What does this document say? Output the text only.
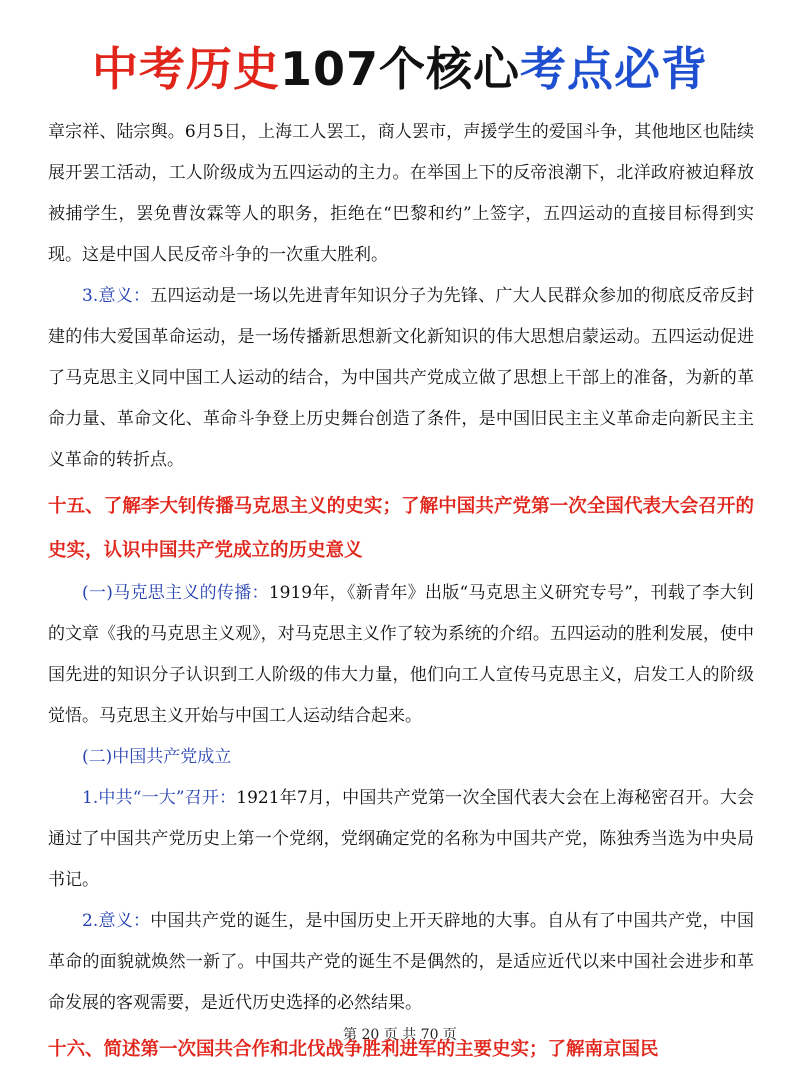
中考历史107个核心考点必背

章宗祥、陆宗舆。6月5日，上海工人罢工，商人罢市，声援学生的爱国斗争，其他地区也陆续展开罢工活动，工人阶级成为五四运动的主力。在举国上下的反帝浪潮下，北洋政府被迫释放被捕学生，罢免曹汝霖等人的职务，拒绝在“巴黎和约”上签字，五四运动的直接目标得到实现。这是中国人民反帝斗争的一次重大胜利。

3.意义：五四运动是一场以先进青年知识分子为先锋、广大人民群众参加的彻底反帝反封建的伟大爱国革命运动，是一场传播新思想新文化新知识的伟大思想启蒙运动。五四运动促进了马克思主义同中国工人运动的结合，为中国共产党成立做了思想上干部上的准备，为新的革命力量、革命文化、革命斗争登上历史舞台创造了条件，是中国旧民主主义革命走向新民主主义革命的转折点。

十五、了解李大钊传播马克思主义的史实；了解中国共产党第一次全国代表大会召开的史实，认识中国共产党成立的历史意义

(一)马克思主义的传播：1919年，《新青年》出版“马克思主义研究专号”，刊载了李大钊的文章《我的马克思主义观》，对马克思主义作了较为系统的介绍。五四运动的胜利发展，使中国先进的知识分子认识到工人阶级的伟大力量，他们向工人宣传马克思主义，启发工人的阶级觉悟。马克思主义开始与中国工人运动结合起来。

(二)中国共产党成立

1.中共“一大”召开：1921年7月，中国共产党第一次全国代表大会在上海秘密召开。大会通过了中国共产党历史上第一个党纲，党纲确定党的名称为中国共产党，陈独秀当选为中央局书记。

2.意义：中国共产党的诞生，是中国历史上开天辟地的大事。自从有了中国共产党，中国革命的面貌就焕然一新了。中国共产党的诞生不是偶然的，是适应近代以来中国社会进步和革命发展的客观需要，是近代历史选择的必然结果。

十六、简述第一次国共合作和北伐战争胜利进军的主要史实；了解南京国民
第 20 页 共 70 页
